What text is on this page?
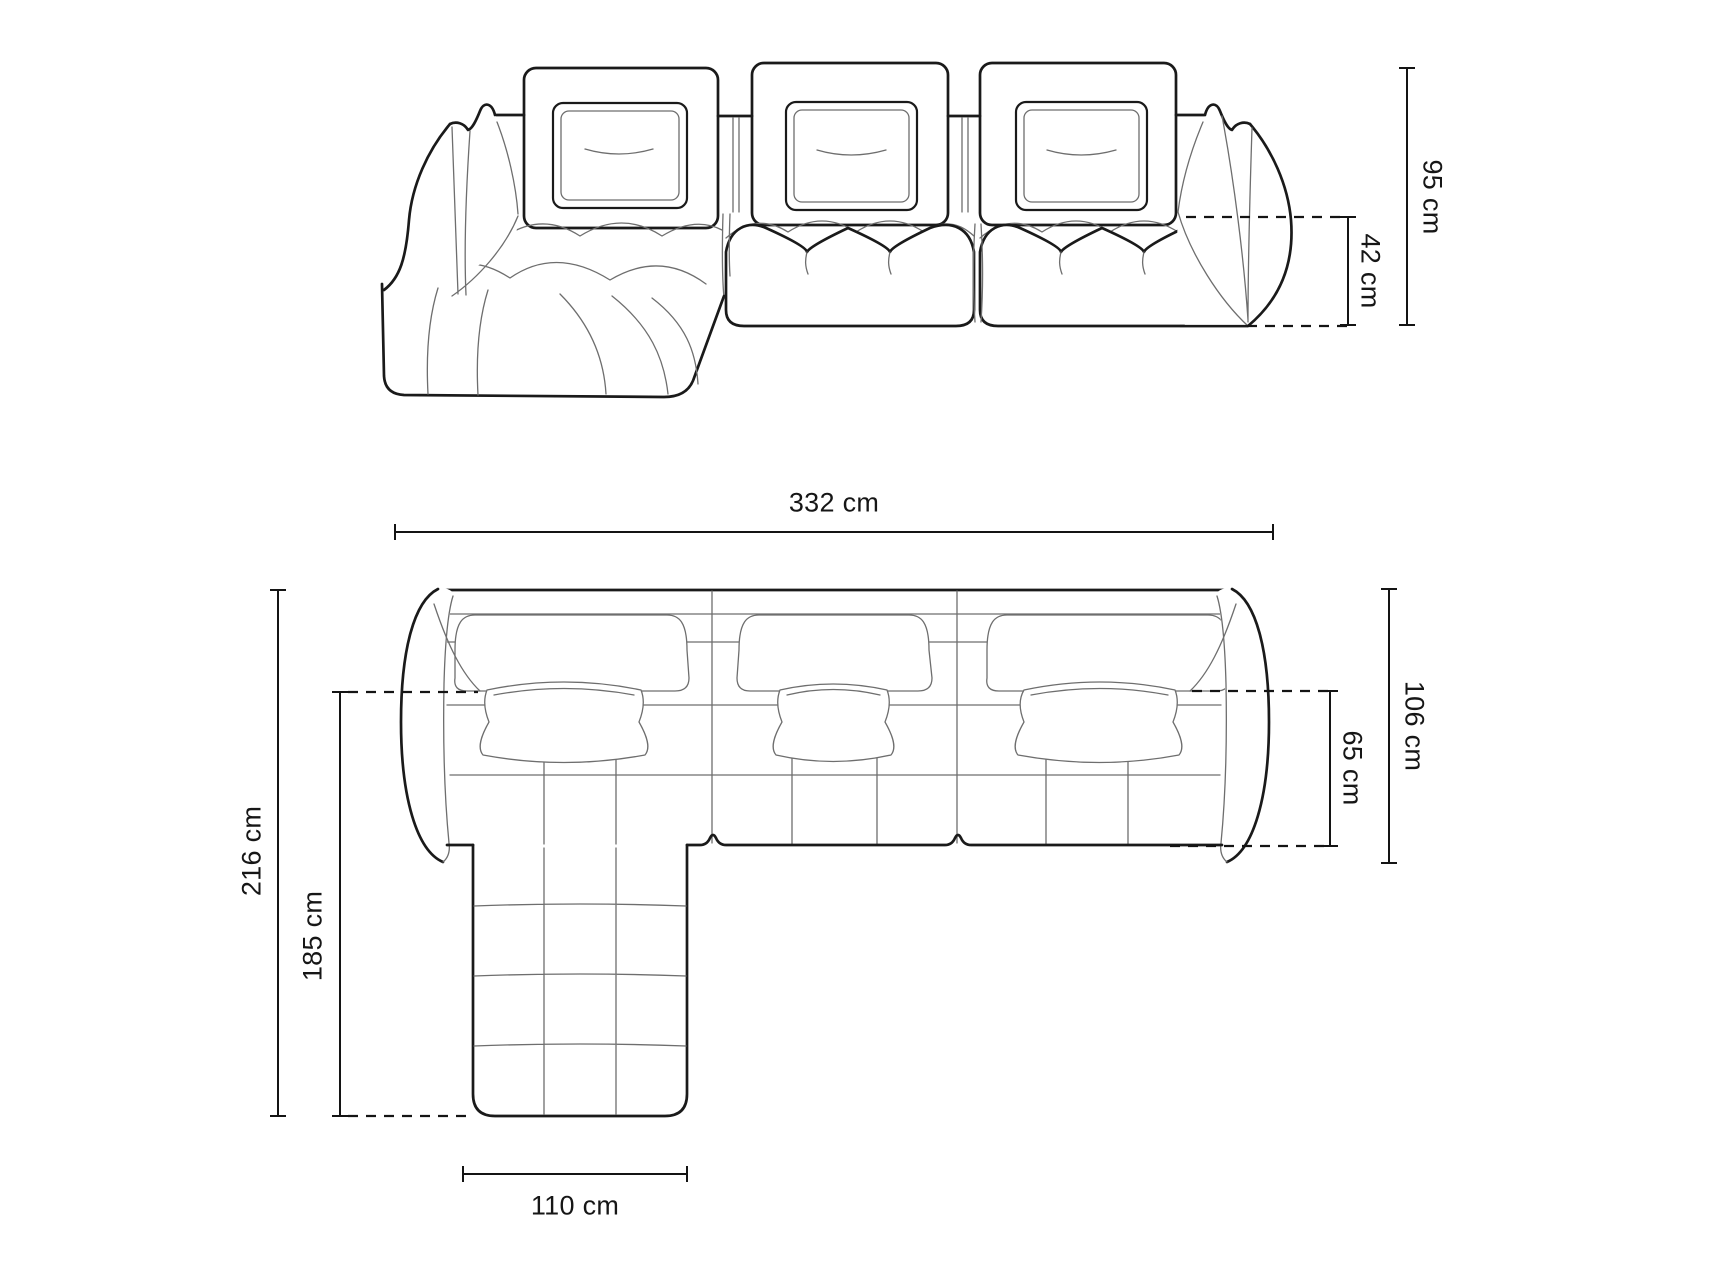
95 cm
42 cm
332 cm
216 cm
185 cm
106 cm
65 cm
110 cm
